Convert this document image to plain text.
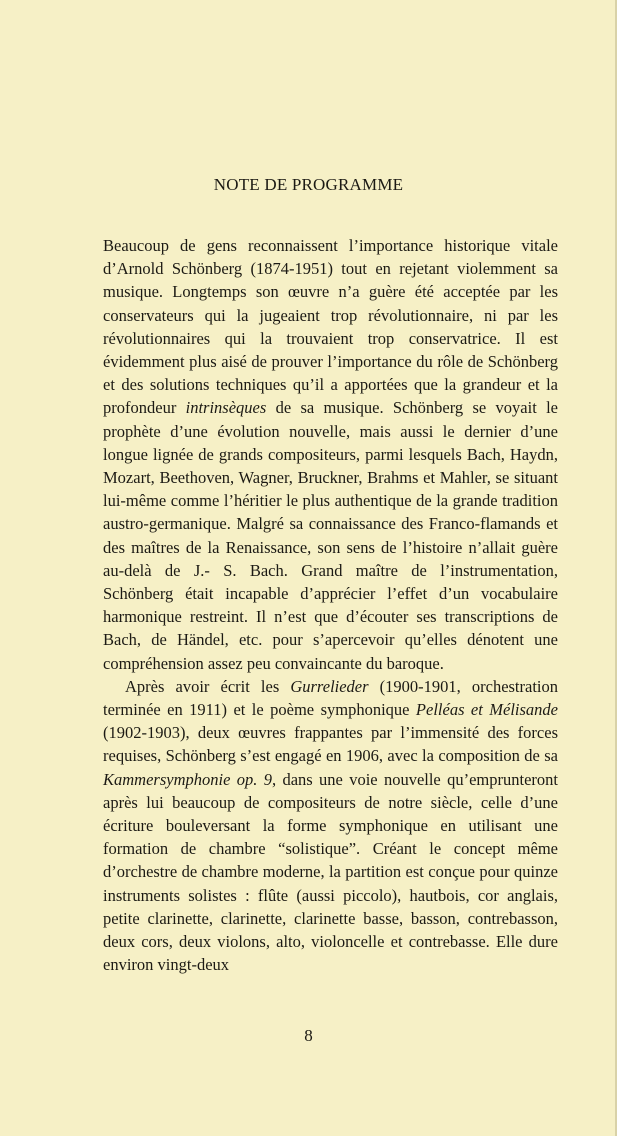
NOTE DE PROGRAMME

Beaucoup de gens reconnaissent l’importance historique vitale d’Arnold Schönberg (1874-1951) tout en rejetant violemment sa musique. Longtemps son œuvre n’a guère été acceptée par les conservateurs qui la jugeaient trop révolutionnaire, ni par les révolutionnaires qui la trouvaient trop conservatrice. Il est évidemment plus aisé de prouver l’importance du rôle de Schönberg et des solutions techniques qu’il a apportées que la grandeur et la profondeur intrinsèques de sa musique. Schönberg se voyait le prophète d’une évolution nouvelle, mais aussi le dernier d’une longue lignée de grands compositeurs, parmi lesquels Bach, Haydn, Mozart, Beethoven, Wagner, Bruckner, Brahms et Mahler, se situant lui-même comme l’héritier le plus authentique de la grande tradition austro-germanique. Malgré sa connaissance des Franco-flamands et des maîtres de la Renaissance, son sens de l’histoire n’allait guère au-delà de J.- S. Bach. Grand maître de l’instrumentation, Schönberg était incapable d’apprécier l’effet d’un vocabulaire harmonique restreint. Il n’est que d’écouter ses transcriptions de Bach, de Händel, etc. pour s’apercevoir qu’elles dénotent une compréhension assez peu convaincante du baroque.

Après avoir écrit les Gurrelieder (1900-1901, orchestration terminée en 1911) et le poème symphonique Pelléas et Mélisande (1902-1903), deux œuvres frappantes par l’immensité des forces requises, Schönberg s’est engagé en 1906, avec la composition de sa Kammersymphonie op. 9, dans une voie nouvelle qu’emprunteront après lui beaucoup de compositeurs de notre siècle, celle d’une écriture bouleversant la forme symphonique en utilisant une formation de chambre “solistique”. Créant le concept même d’orchestre de chambre moderne, la partition est conçue pour quinze instruments solistes : flûte (aussi piccolo), hautbois, cor anglais, petite clarinette, clarinette, clarinette basse, basson, contrebasson, deux cors, deux violons, alto, violoncelle et contrebasse. Elle dure environ vingt-deux

8
